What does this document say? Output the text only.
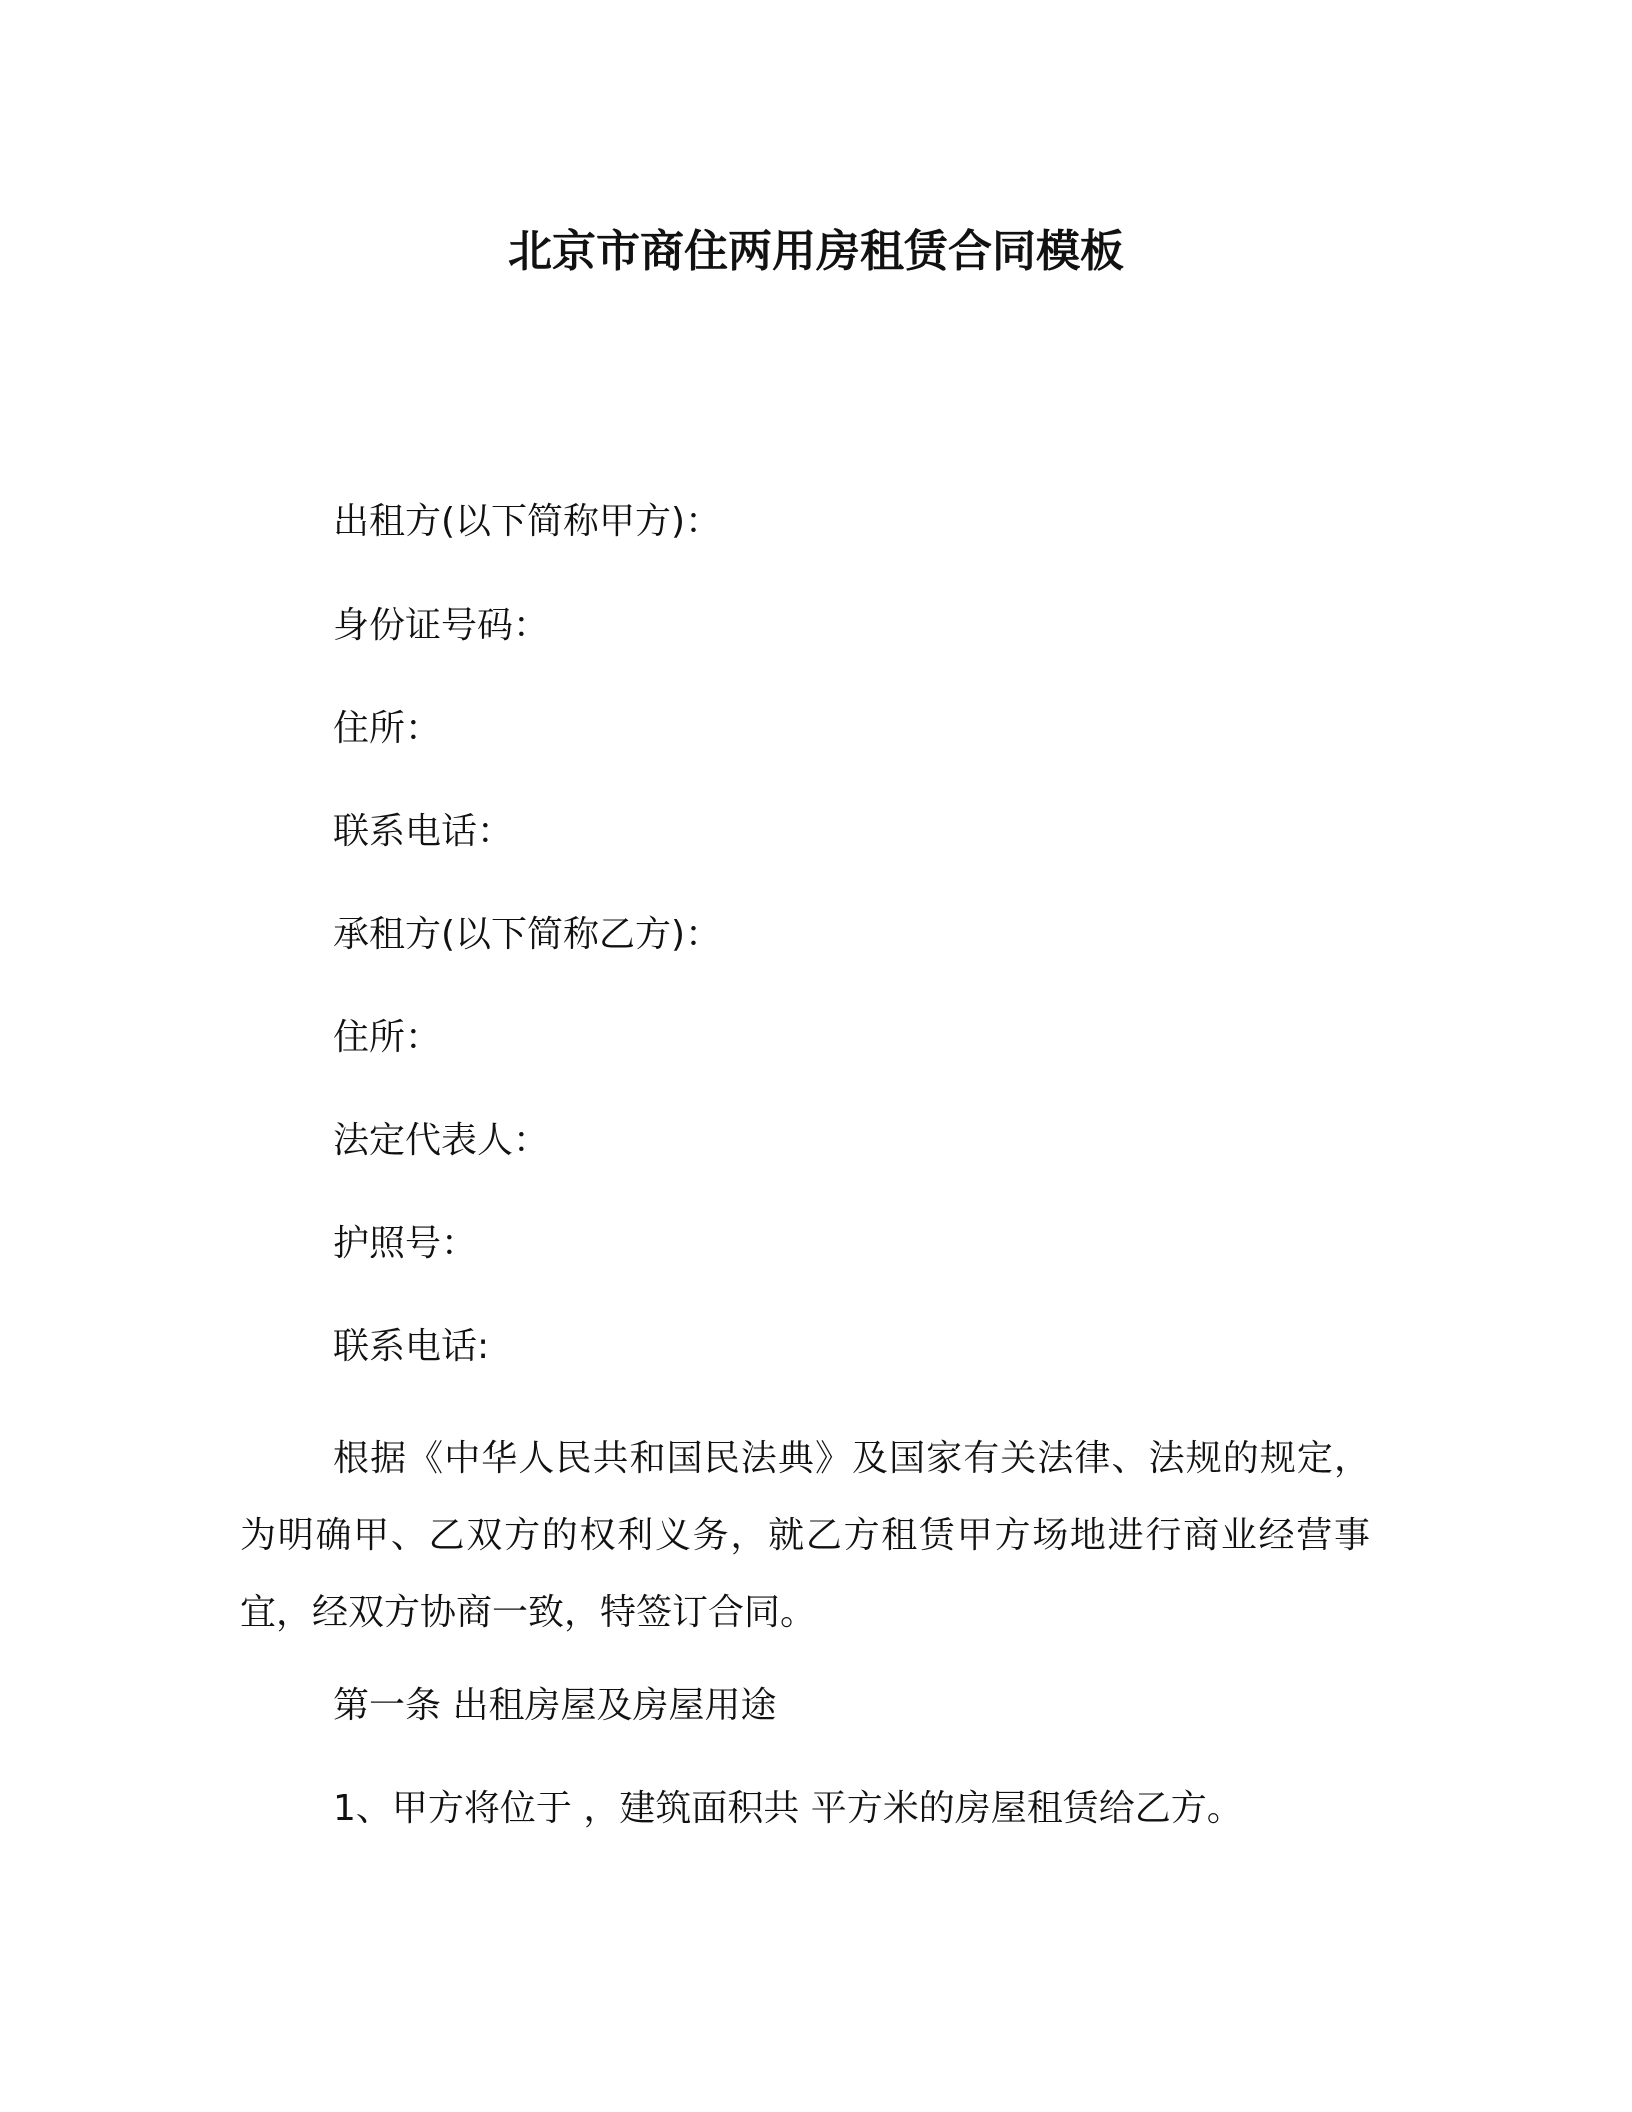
北京市商住两用房租赁合同模板
出租方(以下简称甲方)：
身份证号码：
住所：
联系电话：
承租方(以下简称乙方)：
住所：
法定代表人：
护照号：
联系电话:
根据《中华人民共和国民法典》及国家有关法律、法规的规定，为明确甲、乙双方的权利义务，就乙方租赁甲方场地进行商业经营事宜，经双方协商一致，特签订合同。
第一条 出租房屋及房屋用途
1、甲方将位于 ，建筑面积共 平方米的房屋租赁给乙方。
